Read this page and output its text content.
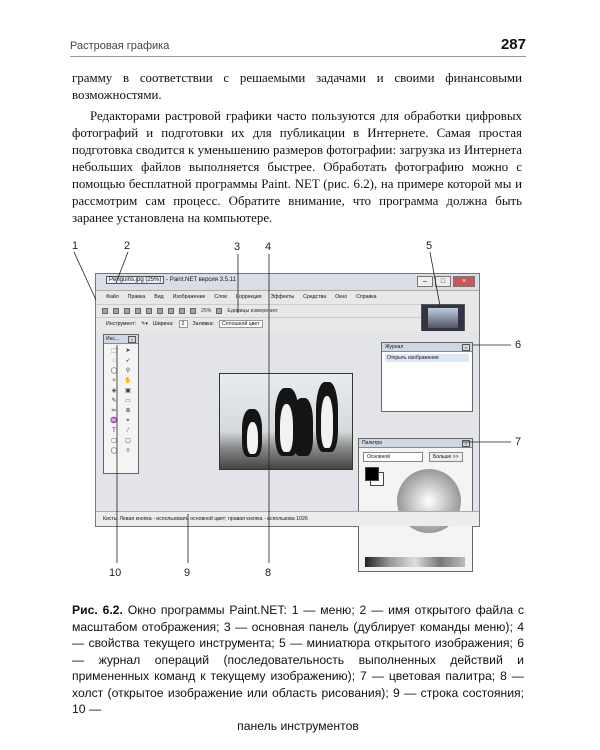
Растровая графика	287

грамму в соответствии с решаемыми задачами и своими финансовыми возможностями.

Редакторами растровой графики часто пользуются для обработки цифровых фотографий и подготовки их для публикации в Интернете. Самая простая подготовка сводится к уменьшению размеров фотографии: загрузка из Интернета небольших файлов выполняется быстрее. Обработать фотографию можно с помощью бесплатной программы Paint. NET (рис. 6.2), на примере которой мы и рассмотрим сам процесс. Обратите внимание, что программа должна быть заранее установлена на компьютере.

Penguins.jpg (25%) - Paint.NET версия 3.5.11	–	□	×
Файл Правка Вид Изображение Слои Коррекция Эффекты Средства Окно Справка
25%	Единицы измерения:
Инструмент: ✎▾ Ширина:	2	Заливка:	Сплошной цвет
Инс...	×
⬚	➤
◌	➶
◯	⚲
✧	✋
◈	▣
✎	▭
✏	⊕
♒	⌖
T	⁄
▢	▢
◯	◊
Журнал	×
Открыть изображение
Палитра	×
Основной	Больше >>
Кисть: Левая кнопка - использовать основной цвет; правая кнопка - использова 1026
1	2	3 4	5
6
7
8
9
10
Рис. 6.2. Окно программы Paint.NET: 1 — меню; 2 — имя открытого файла с масштабом отображения; 3 — основная панель (дублирует команды меню); 4 — свойства текущего инструмента; 5 — миниатюра открытого изображения; 6 — журнал операций (последовательность выполненных действий и примененных команд к текущему изображению); 7 — цветовая палитра; 8 — холст (открытое изображение или область рисования); 9 — строка состояния; 10 —
панель инструментов
